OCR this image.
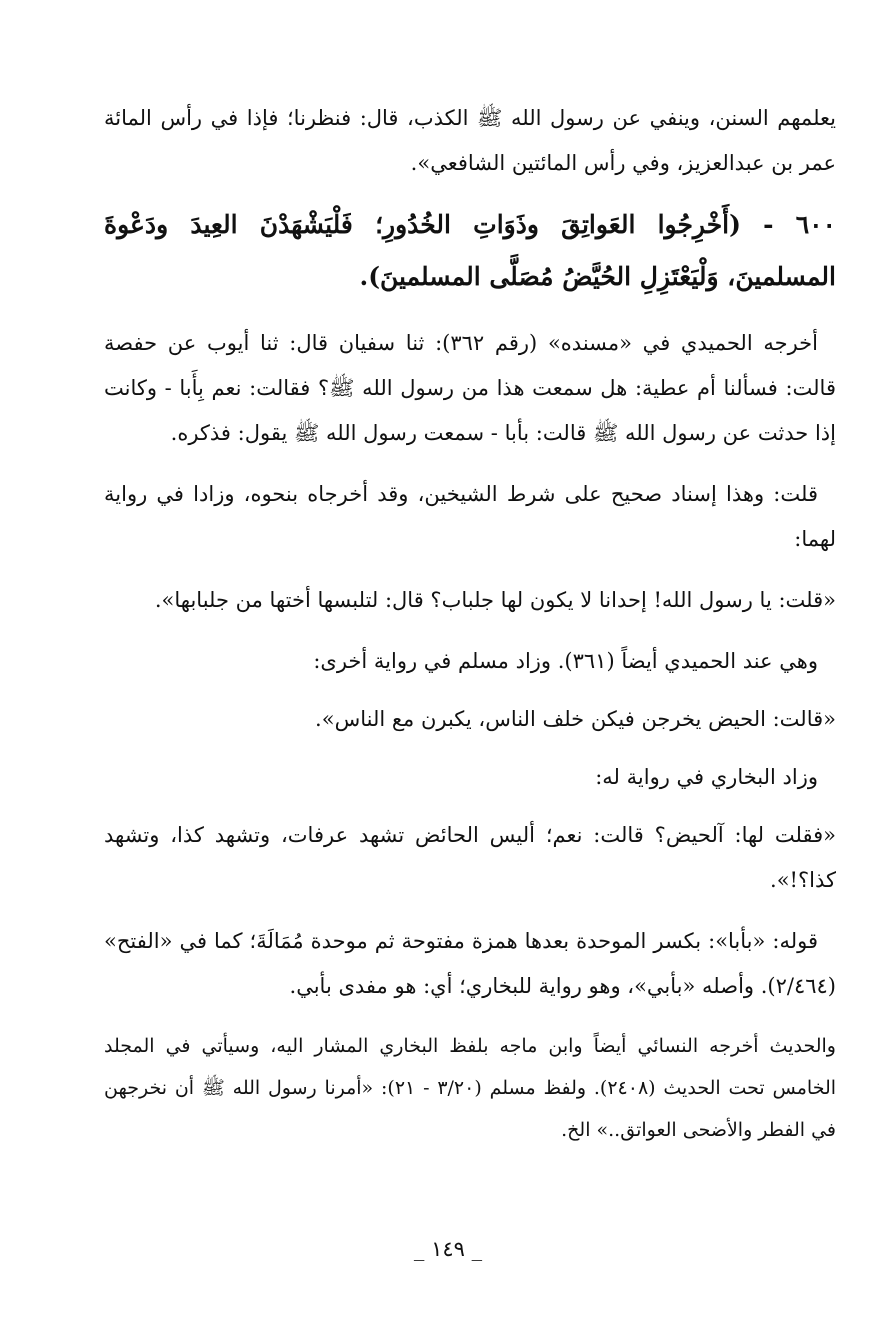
يعلمهم السنن، وينفي عن رسول الله ﷺ الكذب، قال: فنظرنا؛ فإذا في رأس المائة عمر بن عبدالعزيز، وفي رأس المائتين الشافعي».

٦٠٠ - (أَخْرِجُوا العَواتِقَ وذَوَاتِ الخُدُورِ؛ فَلْيَشْهَدْنَ العِيدَ ودَعْوةَ المسلمينَ، وَلْيَعْتَزِلِ الحُيَّضُ مُصَلَّى المسلمينَ).

أخرجه الحميدي في «مسنده» (رقم ٣٦٢): ثنا سفيان قال: ثنا أيوب عن حفصة قالت: فسألنا أم عطية: هل سمعت هذا من رسول الله ﷺ؟ فقالت: نعم بِأَبا - وكانت إذا حدثت عن رسول الله ﷺ قالت: بأبا - سمعت رسول الله ﷺ يقول: فذكره.

قلت: وهذا إسناد صحيح على شرط الشيخين، وقد أخرجاه بنحوه، وزادا في رواية لهما:

«قلت: يا رسول الله! إحدانا لا يكون لها جلباب؟ قال: لتلبسها أختها من جلبابها».

وهي عند الحميدي أيضاً (٣٦١). وزاد مسلم في رواية أخرى:

«قالت: الحيض يخرجن فيكن خلف الناس، يكبرن مع الناس».

وزاد البخاري في رواية له:

«فقلت لها: آلحيض؟ قالت: نعم؛ أليس الحائض تشهد عرفات، وتشهد كذا، وتشهد كذا؟!».

قوله: «بأبا»: بكسر الموحدة بعدها همزة مفتوحة ثم موحدة مُمَالَةَ؛ كما في «الفتح» (٢/٤٦٤). وأصله «بأبي»، وهو رواية للبخاري؛ أي: هو مفدى بأبي.

والحديث أخرجه النسائي أيضاً وابن ماجه بلفظ البخاري المشار اليه، وسيأتي في المجلد الخامس تحت الحديث (٢٤٠٨). ولفظ مسلم (٣/٢٠ - ٢١): «أمرنا رسول الله ﷺ أن نخرجهن في الفطر والأضحى العواتق..» الخ.

_ ١٤٩ _
